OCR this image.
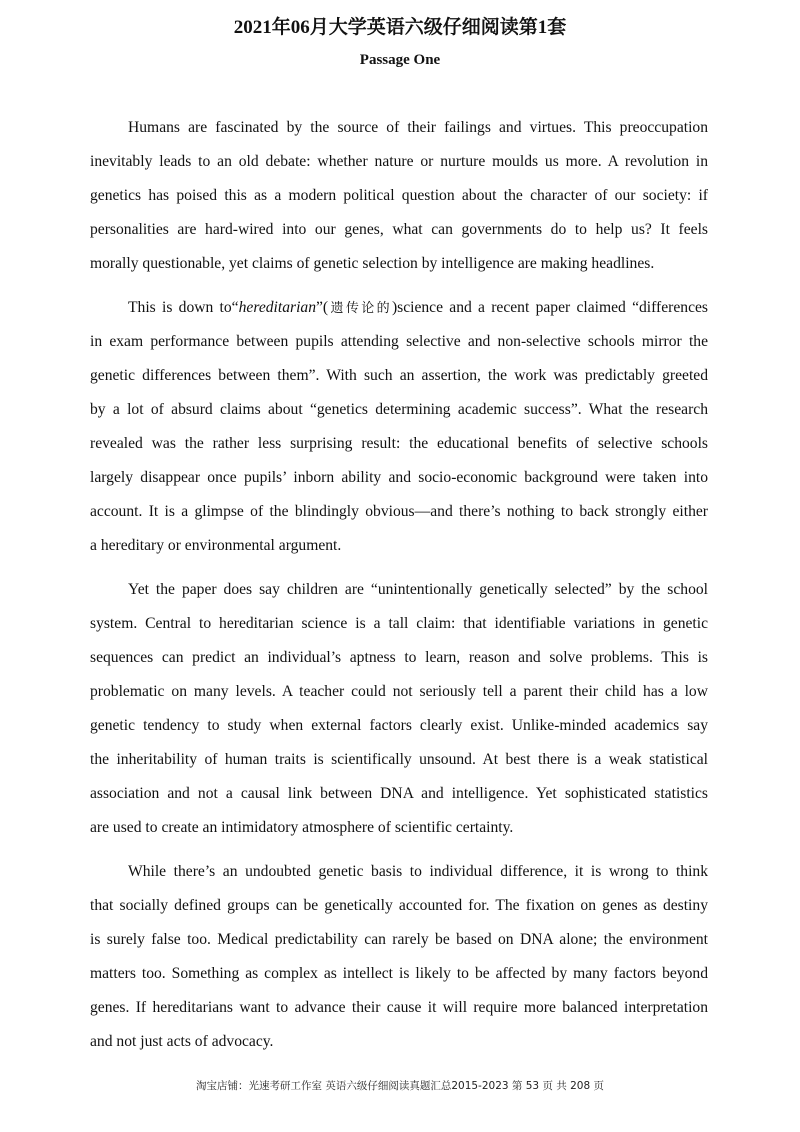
2021年06月大学英语六级仔细阅读第1套
Passage One
Humans are fascinated by the source of their failings and virtues. This preoccupation
inevitably leads to an old debate: whether nature or nurture moulds us more. A revolution in
genetics has poised this as a modern political question about the character of our society: if
personalities are hard-wired into our genes, what can governments do to help us? It feels
morally questionable, yet claims of genetic selection by intelligence are making headlines.
This is down to“hereditarian”(遗传论的)science and a recent paper claimed “differences
in exam performance between pupils attending selective and non-selective schools mirror the
genetic differences between them”. With such an assertion, the work was predictably greeted
by a lot of absurd claims about “genetics determining academic success”. What the research
revealed was the rather less surprising result: the educational benefits of selective schools
largely disappear once pupils’ inborn ability and socio-economic background were taken into
account. It is a glimpse of the blindingly obvious—and there’s nothing to back strongly either
a hereditary or environmental argument.
Yet the paper does say children are “unintentionally genetically selected” by the school
system. Central to hereditarian science is a tall claim: that identifiable variations in genetic
sequences can predict an individual’s aptness to learn, reason and solve problems. This is
problematic on many levels. A teacher could not seriously tell a parent their child has a low
genetic tendency to study when external factors clearly exist. Unlike-minded academics say
the inheritability of human traits is scientifically unsound. At best there is a weak statistical
association and not a causal link between DNA and intelligence. Yet sophisticated statistics
are used to create an intimidatory atmosphere of scientific certainty.
While there’s an undoubted genetic basis to individual difference, it is wrong to think
that socially defined groups can be genetically accounted for. The fixation on genes as destiny
is surely false too. Medical predictability can rarely be based on DNA alone; the environment
matters too. Something as complex as intellect is likely to be affected by many factors beyond
genes. If hereditarians want to advance their cause it will require more balanced interpretation
and not just acts of advocacy.
淘宝店铺：光速考研工作室 英语六级仔细阅读真题汇总2015-2023 第 53 页 共 208 页
